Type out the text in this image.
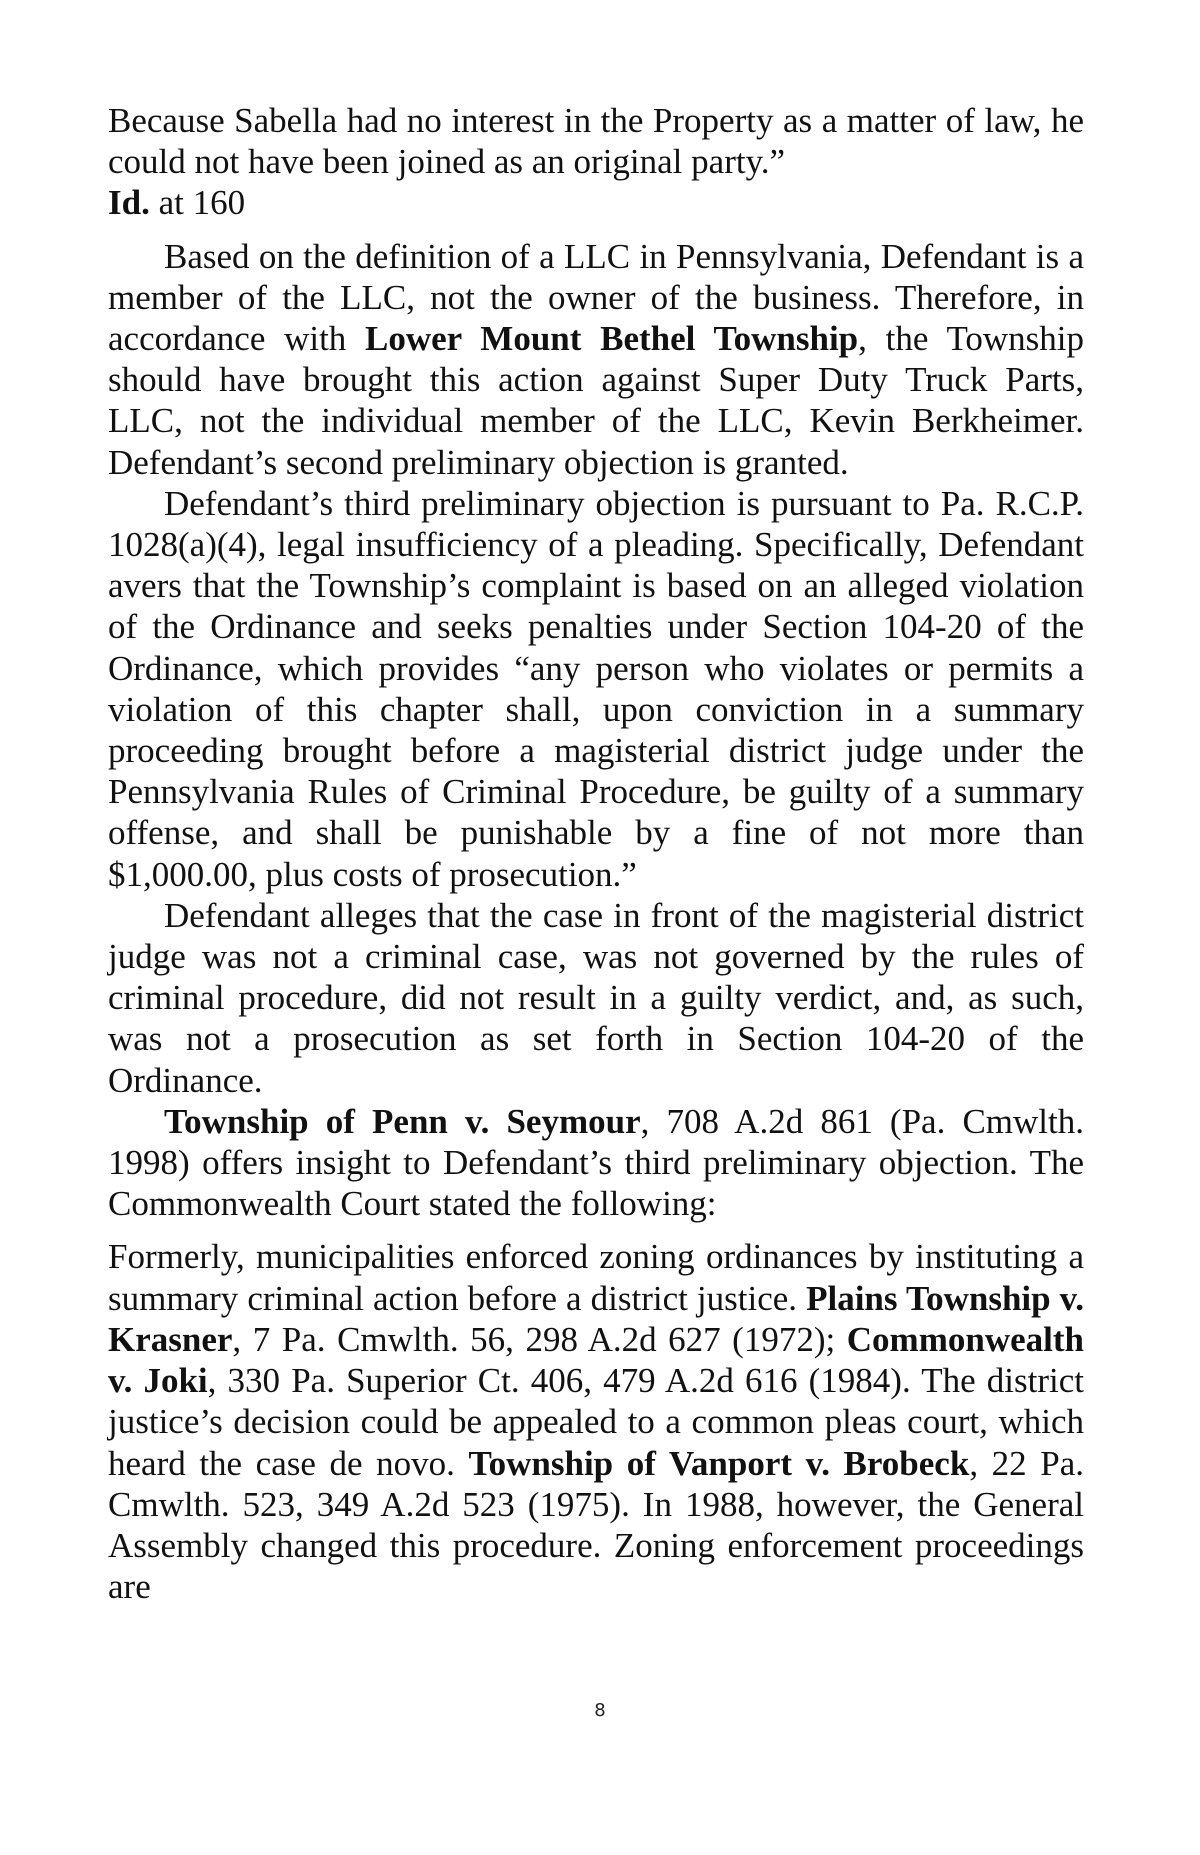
Because Sabella had no interest in the Property as a matter of law, he could not have been joined as an original party.”

Id. at 160

Based on the definition of a LLC in Pennsylvania, Defendant is a member of the LLC, not the owner of the business. Therefore, in accordance with Lower Mount Bethel Township, the Township should have brought this action against Super Duty Truck Parts, LLC, not the individual member of the LLC, Kevin Berkheimer. Defendant’s second preliminary objection is granted.

Defendant’s third preliminary objection is pursuant to Pa. R.C.P. 1028(a)(4), legal insufficiency of a pleading. Specifically, Defendant avers that the Township’s complaint is based on an alleged violation of the Ordinance and seeks penalties under Section 104-20 of the Ordinance, which provides “any person who violates or permits a violation of this chapter shall, upon conviction in a summary proceeding brought before a magisterial district judge under the Pennsylvania Rules of Criminal Procedure, be guilty of a summary offense, and shall be punishable by a fine of not more than $1,000.00, plus costs of prosecution.”

Defendant alleges that the case in front of the magisterial district judge was not a criminal case, was not governed by the rules of criminal procedure, did not result in a guilty verdict, and, as such, was not a prosecution as set forth in Section 104-20 of the Ordinance.

Township of Penn v. Seymour, 708 A.2d 861 (Pa. Cmwlth. 1998) offers insight to Defendant’s third preliminary objection. The Commonwealth Court stated the following:

Formerly, municipalities enforced zoning ordinances by instituting a summary criminal action before a district justice. Plains Township v. Krasner, 7 Pa. Cmwlth. 56, 298 A.2d 627 (1972); Commonwealth v. Joki, 330 Pa. Superior Ct. 406, 479 A.2d 616 (1984). The district justice’s decision could be appealed to a common pleas court, which heard the case de novo. Township of Vanport v. Brobeck, 22 Pa. Cmwlth. 523, 349 A.2d 523 (1975). In 1988, however, the General Assembly changed this procedure. Zoning enforcement proceedings are

8
